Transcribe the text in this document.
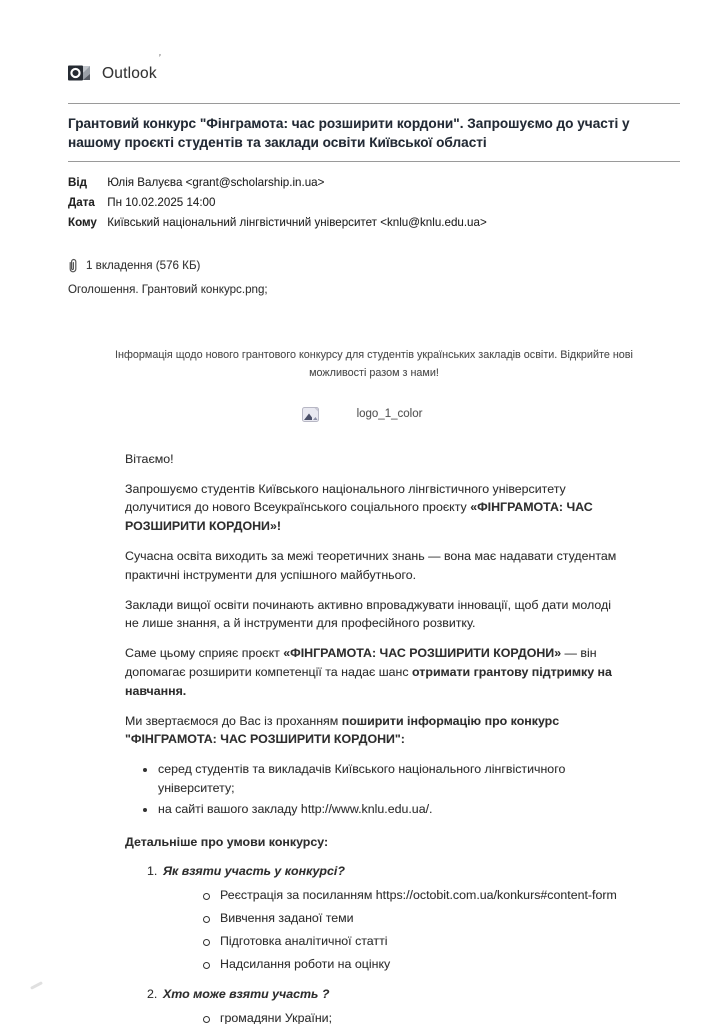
’
Outlook
Грантовий конкурс "Фінграмота: час розширити кордони". Запрошуємо до участі у нашому проєкті студентів та заклади освіти Київської області
Від Юлія Валуєва <grant@scholarship.in.ua>
Дата Пн 10.02.2025 14:00
Кому Київський національний лінгвістичний університет <knlu@knlu.edu.ua>
1 вкладення (576 КБ)
Оголошення. Грантовий конкурс.png;
Інформація щодо нового грантового конкурсу для студентів українських закладів освіти. Відкрийте нові можливості разом з нами!
logo_1_color

Вітаємо!

Запрошуємо студентів Київського національного лінгвістичного університету долучитися до нового Всеукраїнського соціального проєкту «ФІНГРАМОТА: ЧАС РОЗШИРИТИ КОРДОНИ»!

Сучасна освіта виходить за межі теоретичних знань — вона має надавати студентам практичні інструменти для успішного майбутнього.

Заклади вищої освіти починають активно впроваджувати інновації, щоб дати молоді не лише знання, а й інструменти для професійного розвитку.

Саме цьому сприяє проєкт «ФІНГРАМОТА: ЧАС РОЗШИРИТИ КОРДОНИ» — він допомагає розширити компетенції та надає шанс отримати грантову підтримку на навчання.

Ми звертаємося до Вас із проханням поширити інформацію про конкурс "ФІНГРАМОТА: ЧАС РОЗШИРИТИ КОРДОНИ":

серед студентів та викладачів Київського національного лінгвістичного університету;
на сайті вашого закладу http://www.knlu.edu.ua/.
Детальніше про умови конкурсу:
1. Як взяти участь у конкурсі?
Реєстрація за посиланням https://octobit.com.ua/konkurs#content-form
Вивчення заданої теми
Підготовка аналітичної статті
Надсилання роботи на оцінку
2. Хто може взяти участь ?
громадяни України;
